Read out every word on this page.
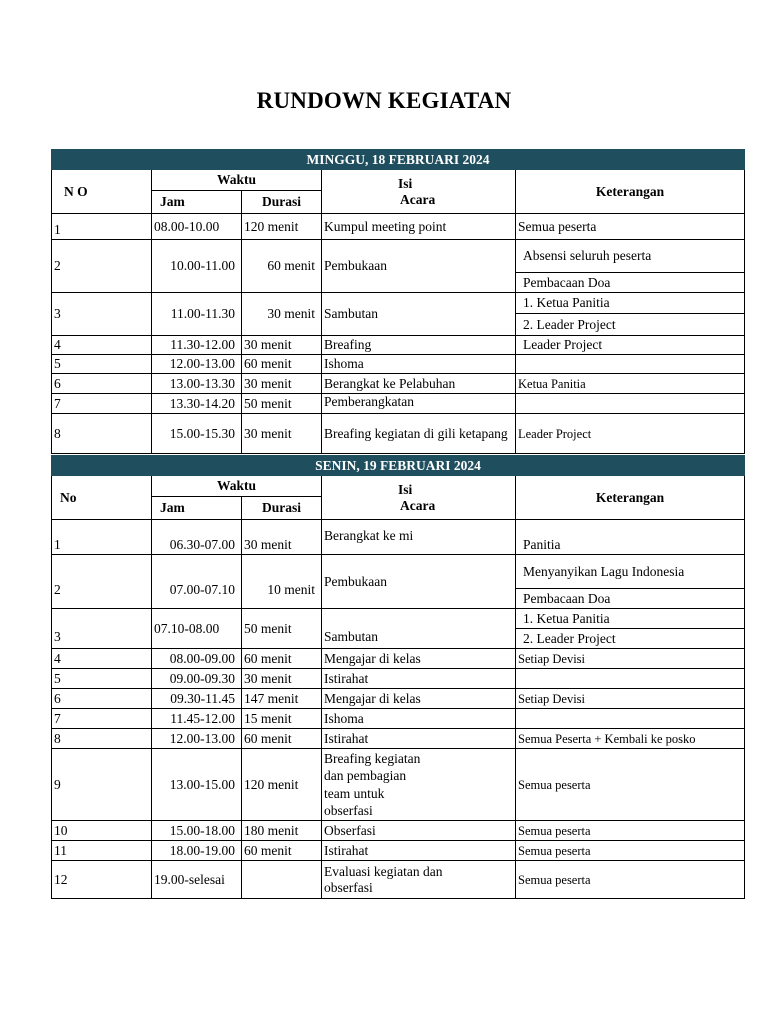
RUNDOWN KEGIATAN
MINGGU, 18 FEBRUARI 2024				
N O	Waktu		Isi
Acara	Keterangan
	Jam	Durasi		
1	08.00-10.00	120 menit	Kumpul meeting point	Semua peserta
2	10.00-11.00	60 menit	Pembukaan	Absensi seluruh peserta
				Pembacaan Doa
3	11.00-11.30	30 menit	Sambutan	1. Ketua Panitia
				2. Leader Project
4	11.30-12.00	30 menit	Breafing	Leader Project
5	12.00-13.00	60 menit	Ishoma	
6	13.00-13.30	30 menit	Berangkat ke Pelabuhan	Ketua Panitia
7	13.30-14.20	50 menit	Pemberangkatan	
8	15.00-15.30	30 menit	Breafing kegiatan di gili ketapang	Leader Project
SENIN, 19 FEBRUARI 2024				
No	Waktu		Isi
Acara	Keterangan
	Jam	Durasi		
1	06.30-07.00	30 menit	Berangkat ke mi	Panitia
2	07.00-07.10	10 menit	Pembukaan	Menyanyikan Lagu Indonesia
				Pembacaan Doa
3	07.10-08.00	50 menit	Sambutan	1. Ketua Panitia
				2. Leader Project
4	08.00-09.00	60 menit	Mengajar di kelas	Setiap Devisi
5	09.00-09.30	30 menit	Istirahat	
6	09.30-11.45	147 menit	Mengajar di kelas	Setiap Devisi
7	11.45-12.00	15 menit	Ishoma	
8	12.00-13.00	60 menit	Istirahat	Semua Peserta + Kembali ke posko
9	13.00-15.00	120 menit	Breafing kegiatan dan pembagian team untuk obserfasi	Semua peserta
10	15.00-18.00	180 menit	Obserfasi	Semua peserta
11	18.00-19.00	60 menit	Istirahat	Semua peserta
12	19.00-selesai		Evaluasi kegiatan dan obserfasi	Semua peserta
